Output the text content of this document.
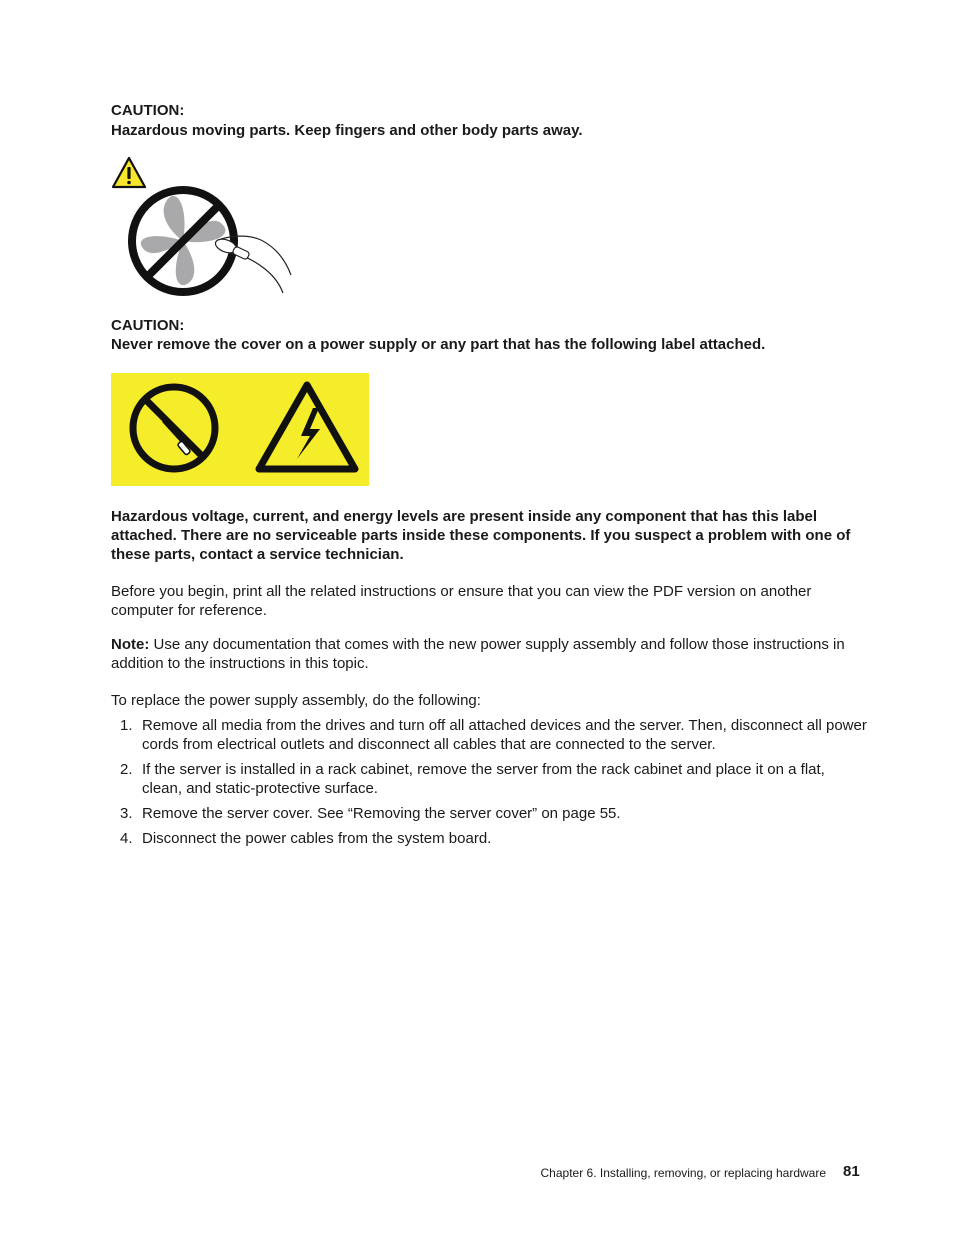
CAUTION:
Hazardous moving parts. Keep fingers and other body parts away.
CAUTION:
Never remove the cover on a power supply or any part that has the following label attached.
Hazardous voltage, current, and energy levels are present inside any component that has this label attached. There are no serviceable parts inside these components. If you suspect a problem with one of these parts, contact a service technician.
Before you begin, print all the related instructions or ensure that you can view the PDF version on another computer for reference.
Note: Use any documentation that comes with the new power supply assembly and follow those instructions in addition to the instructions in this topic.
To replace the power supply assembly, do the following:
1. Remove all media from the drives and turn off all attached devices and the server. Then, disconnect all power cords from electrical outlets and disconnect all cables that are connected to the server.
2. If the server is installed in a rack cabinet, remove the server from the rack cabinet and place it on a flat, clean, and static-protective surface.
3. Remove the server cover. See “Removing the server cover” on page 55.
4. Disconnect the power cables from the system board.
Chapter 6. Installing, removing, or replacing hardware 81
